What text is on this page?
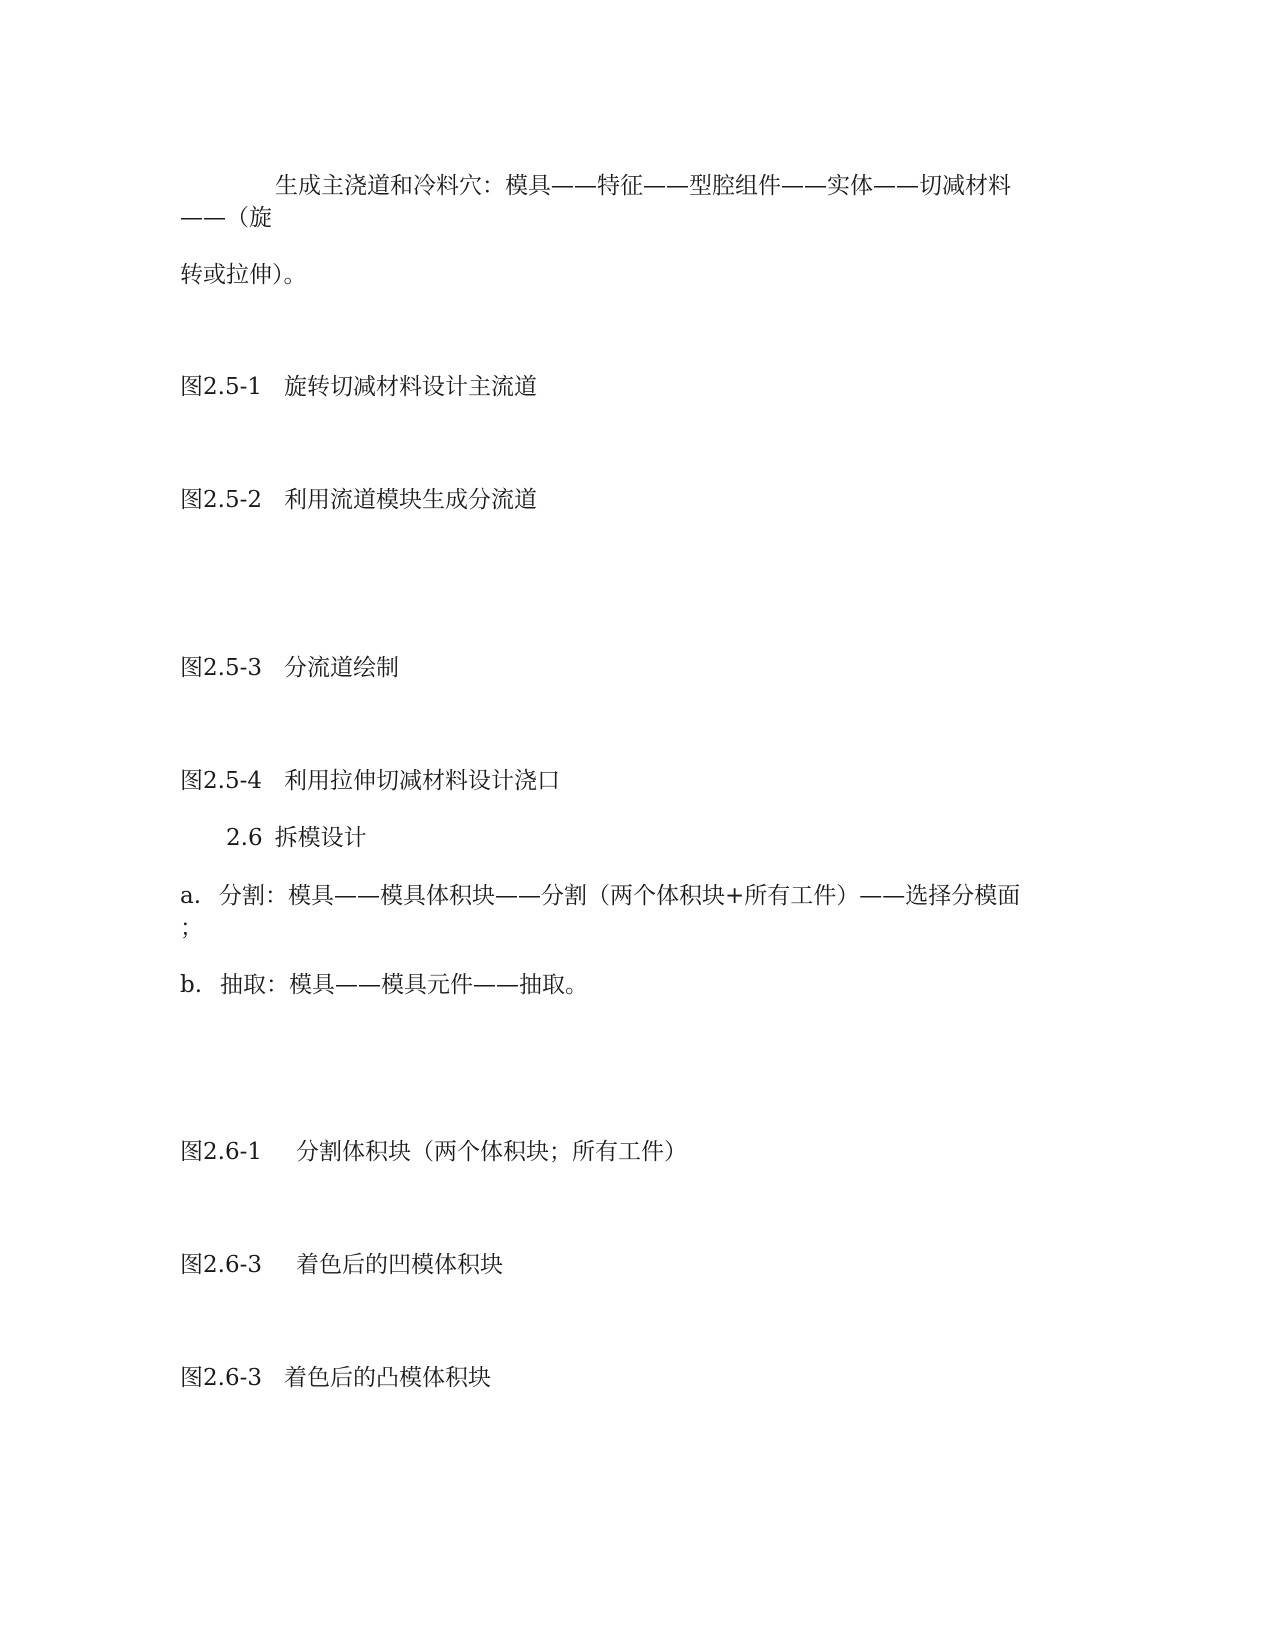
生成主浇道和冷料穴：模具——特征——型腔组件——实体——切减材料
——（旋
转或拉伸）。
图2.5-1 旋转切减材料设计主流道
图2.5-2 利用流道模块生成分流道
图2.5-3 分流道绘制
图2.5-4 利用拉伸切减材料设计浇口
2.6 拆模设计
a. 分割：模具——模具体积块——分割（两个体积块+所有工件）——选择分模面
；
b. 抽取：模具——模具元件——抽取。
图2.6-1 分割体积块（两个体积块；所有工件）
图2.6-3 着色后的凹模体积块
图2.6-3 着色后的凸模体积块
